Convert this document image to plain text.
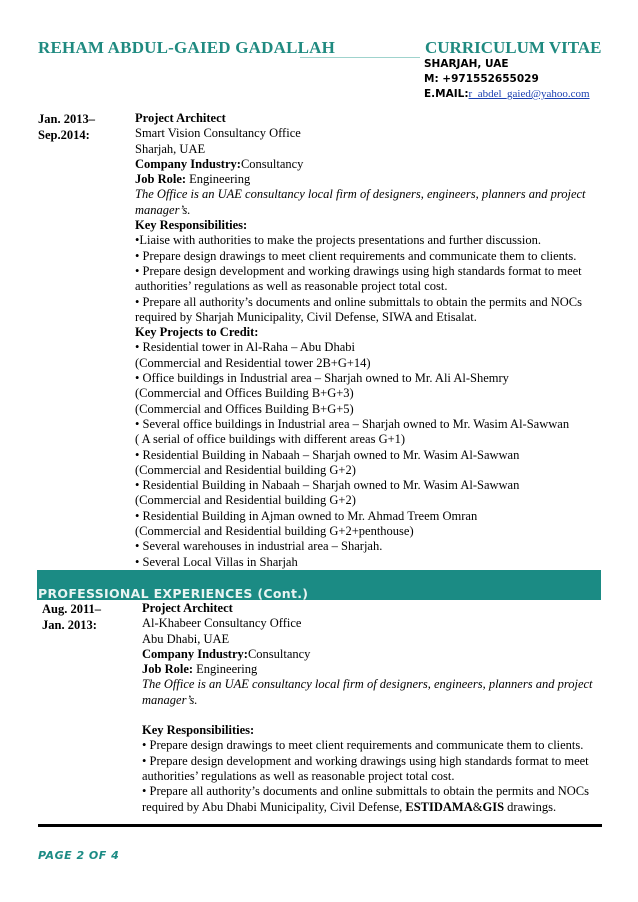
REHAM ABDUL-GAIED GADALLAH	CURRICULUM VITAE
SHARJAH, UAE
M: +971552655029
E.MAIL:r_abdel_gaied@yahoo.com
Jan. 2013–
Sep.2014:
Project Architect
Smart Vision Consultancy Office
Sharjah, UAE
Company Industry:Consultancy
Job Role: Engineering
The Office is an UAE consultancy local firm of designers, engineers, planners and project
manager’s.
Key Responsibilities:
•Liaise with authorities to make the projects presentations and further discussion.
• Prepare design drawings to meet client requirements and communicate them to clients.
• Prepare design development and working drawings using high standards format to meet
authorities’ regulations as well as reasonable project total cost.
• Prepare all authority’s documents and online submittals to obtain the permits and NOCs
required by Sharjah Municipality, Civil Defense, SIWA and Etisalat.
Key Projects to Credit:
• Residential tower in Al-Raha – Abu Dhabi
(Commercial and Residential tower 2B+G+14)
• Office buildings in Industrial area – Sharjah owned to Mr. Ali Al-Shemry
(Commercial and Offices Building B+G+3)
(Commercial and Offices Building B+G+5)
• Several office buildings in Industrial area – Sharjah owned to Mr. Wasim Al-Sawwan
( A serial of office buildings with different areas G+1)
• Residential Building in Nabaah – Sharjah owned to Mr. Wasim Al-Sawwan
(Commercial and Residential building G+2)
• Residential Building in Nabaah – Sharjah owned to Mr. Wasim Al-Sawwan
(Commercial and Residential building G+2)
• Residential Building in Ajman owned to Mr. Ahmad Treem Omran
(Commercial and Residential building G+2+penthouse)
• Several warehouses in industrial area – Sharjah.
• Several Local Villas in Sharjah
PROFESSIONAL EXPERIENCES (Cont.)
Aug. 2011–
Jan. 2013:
Project Architect
Al-Khabeer Consultancy Office
Abu Dhabi, UAE
Company Industry:Consultancy
Job Role: Engineering
The Office is an UAE consultancy local firm of designers, engineers, planners and project
manager’s.
Key Responsibilities:
• Prepare design drawings to meet client requirements and communicate them to clients.
• Prepare design development and working drawings using high standards format to meet
authorities’ regulations as well as reasonable project total cost.
• Prepare all authority’s documents and online submittals to obtain the permits and NOCs
required by Abu Dhabi Municipality, Civil Defense, ESTIDAMA&GIS drawings.
PAGE 2 OF 4
